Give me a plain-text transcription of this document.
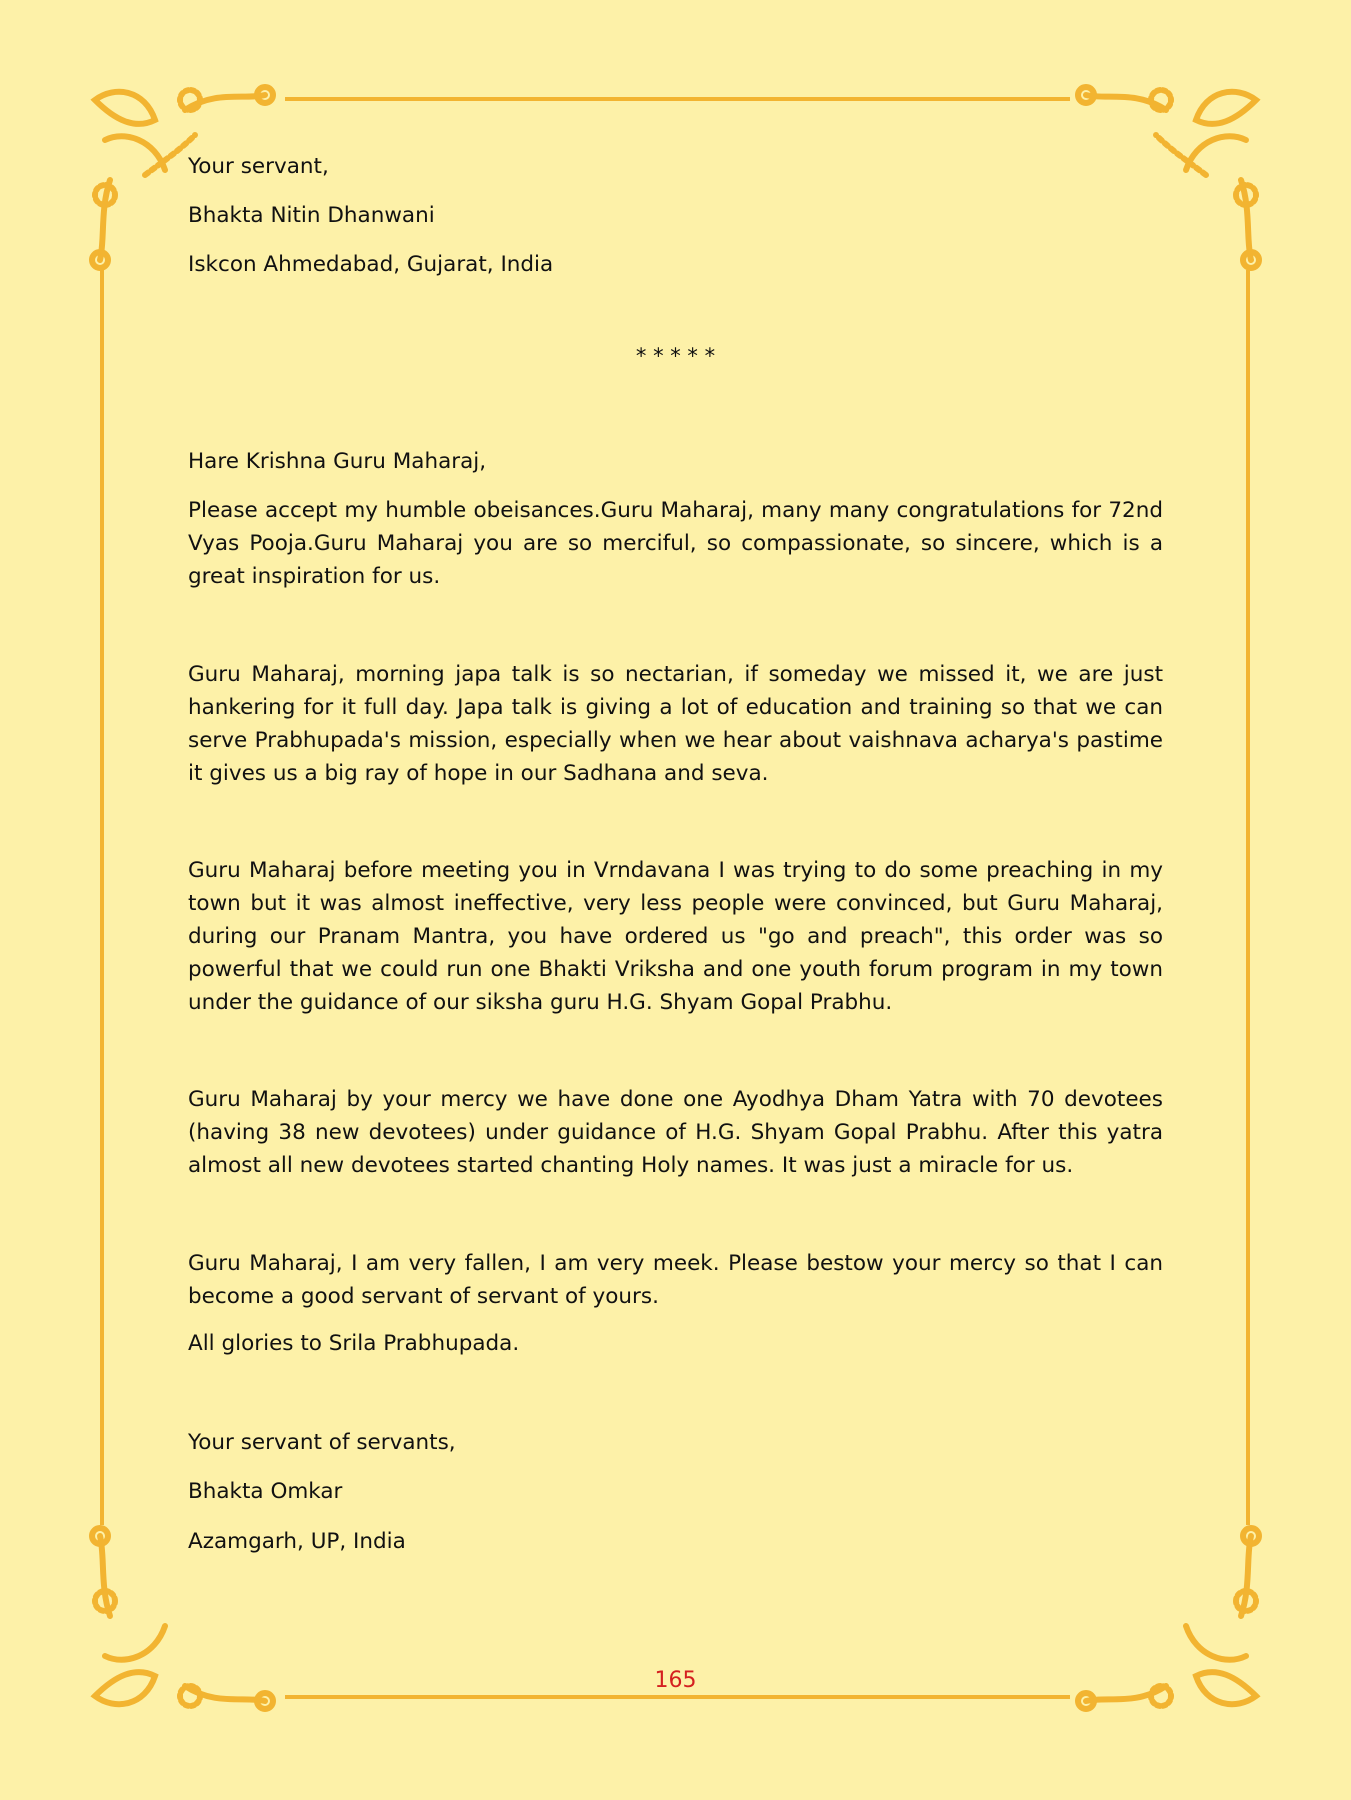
Your servant,
Bhakta Nitin Dhanwani
Iskcon Ahmedabad, Gujarat, India
* * * * *
Hare Krishna Guru Maharaj,
Please accept my humble obeisances.Guru Maharaj, many many congratulations for 72nd Vyas Pooja.Guru Maharaj you are so merciful, so compassionate, so sincere, which is a great inspiration for us.
Guru Maharaj, morning japa talk is so nectarian, if someday we missed it, we are just hankering for it full day. Japa talk is giving a lot of education and training so that we can serve Prabhupada's mission, especially when we hear about vaishnava acharya's pastime it gives us a big ray of hope in our Sadhana and seva.
Guru Maharaj before meeting you in Vrndavana I was trying to do some preaching in my town but it was almost ineffective, very less people were convinced, but Guru Maharaj, during our Pranam Mantra, you have ordered us "go and preach", this order was so powerful that we could run one Bhakti Vriksha and one youth forum program in my town under the guidance of our siksha guru H.G. Shyam Gopal Prabhu.
Guru Maharaj by your mercy we have done one Ayodhya Dham Yatra with 70 devotees (having 38 new devotees) under guidance of H.G. Shyam Gopal Prabhu. After this yatra almost all new devotees started chanting Holy names. It was just a miracle for us.
Guru Maharaj, I am very fallen, I am very meek. Please bestow your mercy so that I can become a good servant of servant of yours.
All glories to Srila Prabhupada.
Your servant of servants,
Bhakta Omkar
Azamgarh, UP, India
165
